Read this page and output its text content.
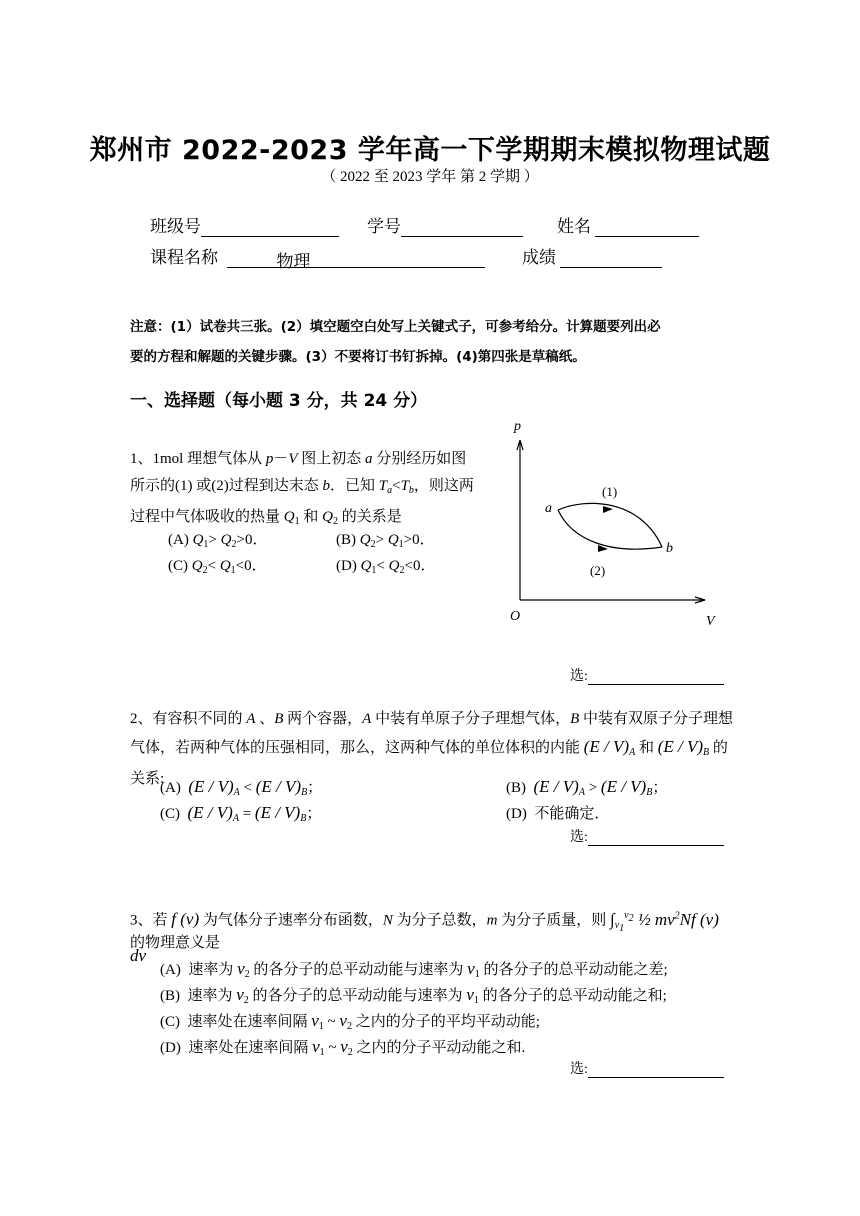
郑州市 2022-2023 学年高一下学期期末模拟物理试题
（ 2022 至 2023 学年 第 2 学期 ）
班级号	学号	姓名
课程名称	物理	成绩
注意：(1）试卷共三张。(2）填空题空白处写上关键式子，可参考给分。计算题要列出必
要的方程和解题的关键步骤。(3）不要将订书钉拆掉。(4)第四张是草稿纸。
一、选择题（每小题 3 分，共 24 分）
1、1mol 理想气体从 p－V 图上初态 a 分别经历如图所示的(1) 或(2)过程到达末态 b．已知 $T_a<T_b$，则这两过程中气体吸收的热量 $Q_1$ 和 $Q_2$ 的关系是
(A) $Q_1> Q_2>0$．	(B) $Q_2> Q_1>0$．
(C) $Q_2< Q_1<0$．	(D) $Q_1< Q_2<0$．
p
V
O
a
b
(1)
(2)
选:
2、有容积不同的 A 、B 两个容器，A 中装有单原子分子理想气体，B 中装有双原子分子理想气体，若两种气体的压强相同，那么，这两种气体的单位体积的内能 $(E / V)_A$ 和 $(E / V)_B$ 的关系:
(A)  $(E / V)_A < (E / V)_B$；	(B)  $(E / V)_A > (E / V)_B$；
(C)  $(E / V)_A = (E / V)_B$；	(D)  不能确定．
选:
3、若 f (v) 为气体分子速率分布函数，N 为分子总数，m 为分子质量，则 $\int_{v_1}^{v_2}$ ½ $mv^2Nf$ (v) dv
的物理意义是
(A)  速率为 $v_2$ 的各分子的总平动动能与速率为 $v_1$ 的各分子的总平动动能之差;
(B)  速率为 $v_2$ 的各分子的总平动动能与速率为 $v_1$ 的各分子的总平动动能之和;
(C)  速率处在速率间隔 $v_1$ ~ $v_2$ 之内的分子的平均平动动能;
(D)  速率处在速率间隔 $v_1$ ~ $v_2$ 之内的分子平动动能之和.
选:
